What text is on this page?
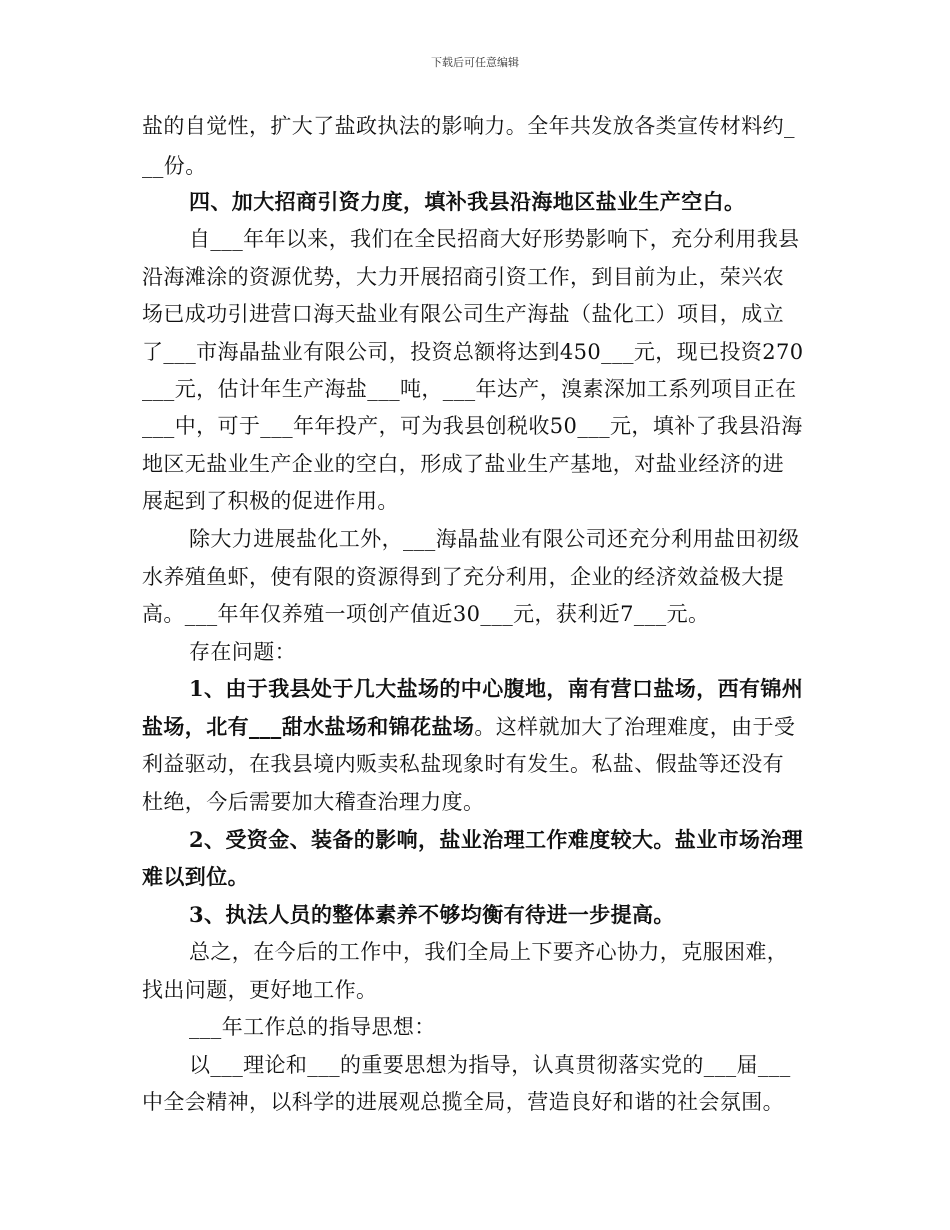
下载后可任意编辑
盐的自觉性，扩大了盐政执法的影响力。全年共发放各类宣传材料约_
__份。
四、加大招商引资力度，填补我县沿海地区盐业生产空白。
自___年年以来，我们在全民招商大好形势影响下，充分利用我县
沿海滩涂的资源优势，大力开展招商引资工作，到目前为止，荣兴农
场已成功引进营口海天盐业有限公司生产海盐（盐化工）项目，成立
了___市海晶盐业有限公司，投资总额将达到450___元，现已投资270
___元，估计年生产海盐___吨，___年达产，溴素深加工系列项目正在
___中，可于___年年投产，可为我县创税收50___元，填补了我县沿海
地区无盐业生产企业的空白，形成了盐业生产基地，对盐业经济的进
展起到了积极的促进作用。
除大力进展盐化工外，___海晶盐业有限公司还充分利用盐田初级
水养殖鱼虾，使有限的资源得到了充分利用，企业的经济效益极大提
高。___年年仅养殖一项创产值近30___元，获利近7___元。
存在问题：
1、由于我县处于几大盐场的中心腹地，南有营口盐场，西有锦州
盐场，北有___甜水盐场和锦花盐场。这样就加大了治理难度，由于受
利益驱动，在我县境内贩卖私盐现象时有发生。私盐、假盐等还没有
杜绝，今后需要加大稽查治理力度。
2、受资金、装备的影响，盐业治理工作难度较大。盐业市场治理
难以到位。
3、执法人员的整体素养不够均衡有待进一步提高。
总之，在今后的工作中，我们全局上下要齐心协力，克服困难，
找出问题，更好地工作。
___年工作总的指导思想：
以___理论和___的重要思想为指导，认真贯彻落实党的___届___
中全会精神，以科学的进展观总揽全局，营造良好和谐的社会氛围。
